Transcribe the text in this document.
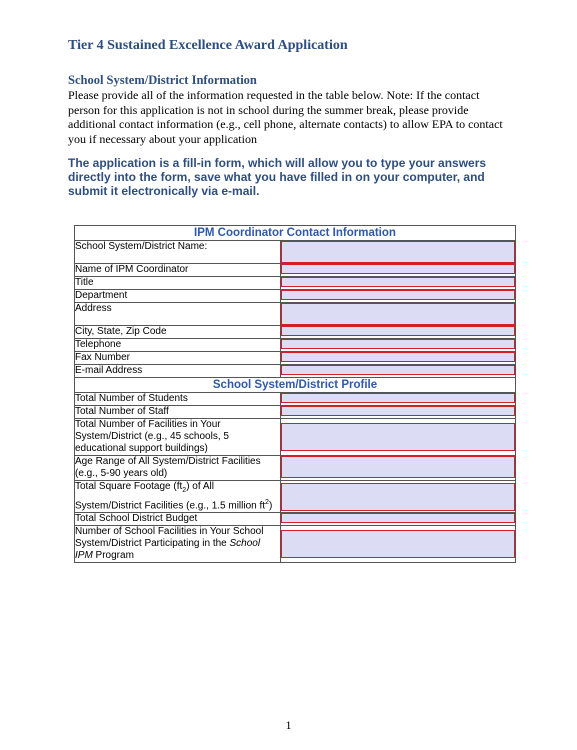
Tier 4 Sustained Excellence Award Application
School System/District Information
Please provide all of the information requested in the table below. Note: If the contact person for this application is not in school during the summer break, please provide additional contact information (e.g., cell phone, alternate contacts) to allow EPA to contact you if necessary about your application
The application is a fill-in form, which will allow you to type your answers directly into the form, save what you have filled in on your computer, and submit it electronically via e-mail.
IPM Coordinator Contact Information	
School System/District Name:	

Name of IPM Coordinator	

Title	

Department	

Address	

City, State, Zip Code	

Telephone	

Fax Number	

E-mail Address	

School System/District Profile	
Total Number of Students	

Total Number of Staff	

Total Number of Facilities in Your System/District (e.g., 45 schools, 5 educational support buildings)	

Age Range of All System/District Facilities (e.g., 5-90 years old)	

Total Square Footage $(ft_2)$ of All System/District Facilities (e.g., 1.5 million $ft^2$)	

Total School District Budget	

Number of School Facilities in Your School System/District Participating in the School IPM Program	
1
